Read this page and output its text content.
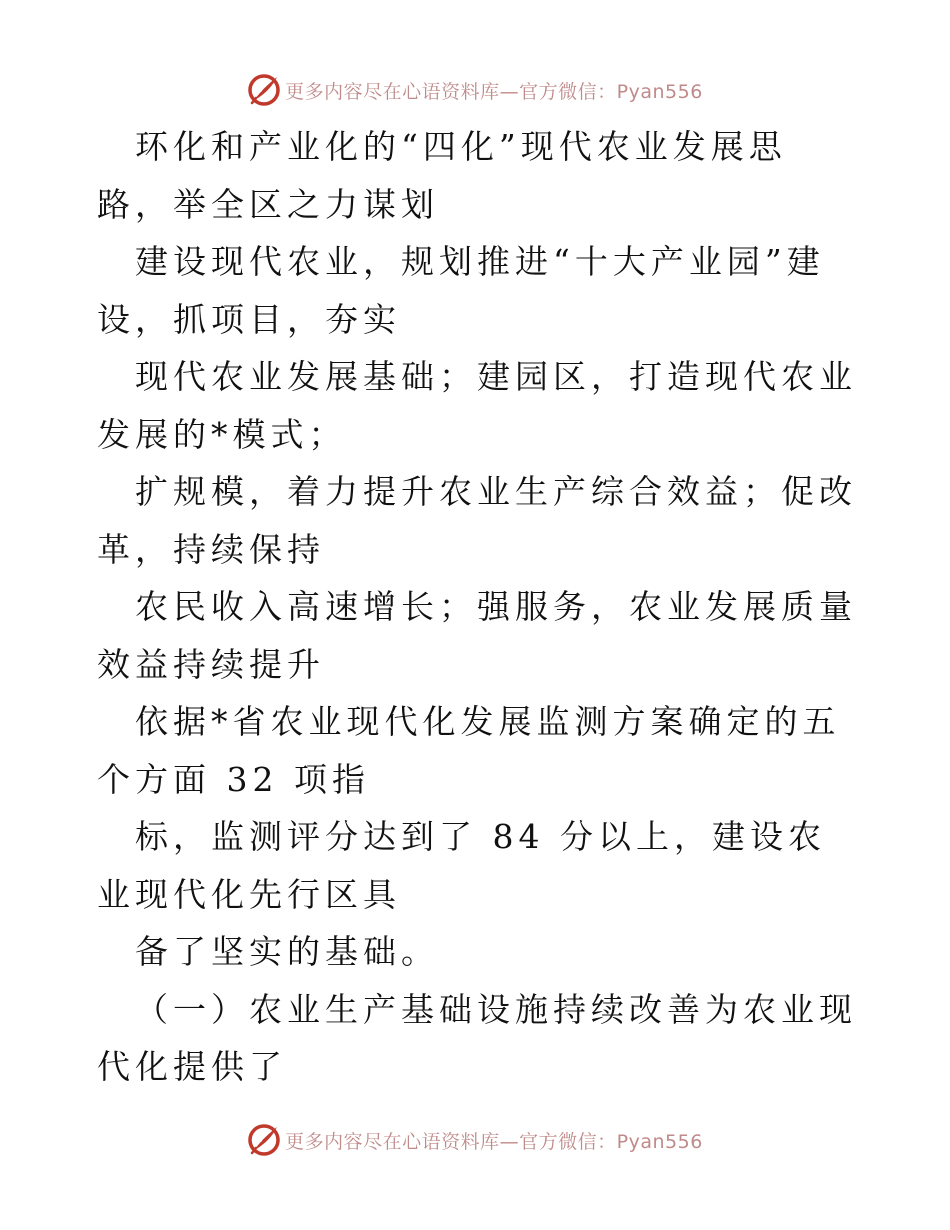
更多内容尽在心语资料库—官方微信：Pyan556

环化和产业化的“四化”现代农业发展思路，举全区之力谋划

建设现代农业，规划推进“十大产业园”建设，抓项目，夯实

现代农业发展基础；建园区，打造现代农业发展的*模式；

扩规模，着力提升农业生产综合效益；促改革，持续保持

农民收入高速增长；强服务，农业发展质量效益持续提升

依据*省农业现代化发展监测方案确定的五个方面 32 项指

标，监测评分达到了 84 分以上，建设农业现代化先行区具

备了坚实的基础。

（一）农业生产基础设施持续改善为农业现代化提供了

更多内容尽在心语资料库—官方微信：Pyan556
